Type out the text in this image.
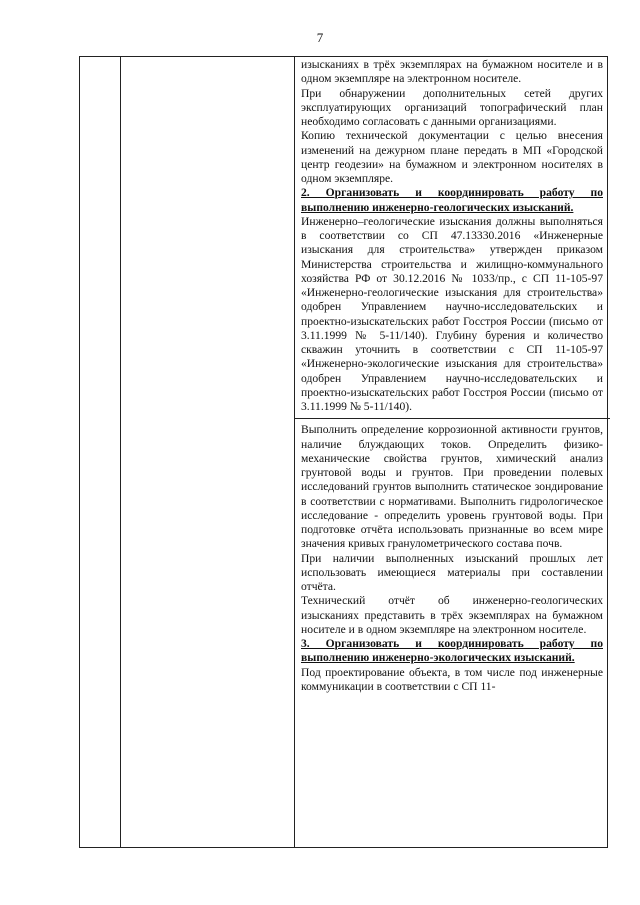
7

изысканиях в трёх экземплярах на бумажном носителе и в одном экземпляре на электронном носителе.

При обнаружении дополнительных сетей других эксплуатирующих организаций топографический план необходимо согласовать с данными организациями.

Копию технической документации с целью внесения изменений на дежурном плане передать в МП «Городской центр геодезии» на бумажном и электронном носителях в одном экземпляре.

2. Организовать и координировать работу по выполнению инженерно-геологических изысканий.

Инженерно–геологические изыскания должны выполняться в соответствии со СП 47.13330.2016 «Инженерные изыскания для строительства» утвержден приказом Министерства строительства и жилищно-коммунального хозяйства РФ от 30.12.2016 № 1033/пр., с СП 11-105-97 «Инженерно-геологические изыскания для строительства» одобрен Управлением научно-исследовательских и проектно-изыскательских работ Госстроя России (письмо от 3.11.1999 № 5-11/140). Глубину бурения и количество скважин уточнить в соответствии с СП 11-105-97 «Инженерно-экологические изыскания для строительства» одобрен Управлением научно-исследовательских и проектно-изыскательских работ Госстроя России (письмо от 3.11.1999 № 5-11/140).

Выполнить определение коррозионной активности грунтов, наличие блуждающих токов. Определить физико-механические свойства грунтов, химический анализ грунтовой воды и грунтов. При проведении полевых исследований грунтов выполнить статическое зондирование в соответствии с нормативами. Выполнить гидрологическое исследование - определить уровень грунтовой воды. При подготовке отчёта использовать признанные во всем мире значения кривых гранулометрического состава почв.

При наличии выполненных изысканий прошлых лет использовать имеющиеся материалы при составлении отчёта.

Технический отчёт об инженерно-геологических изысканиях представить в трёх экземплярах на бумажном носителе и в одном экземпляре на электронном носителе.

3. Организовать и координировать работу по выполнению инженерно-экологических изысканий.

Под проектирование объекта, в том числе под инженерные коммуникации в соответствии с СП 11-
